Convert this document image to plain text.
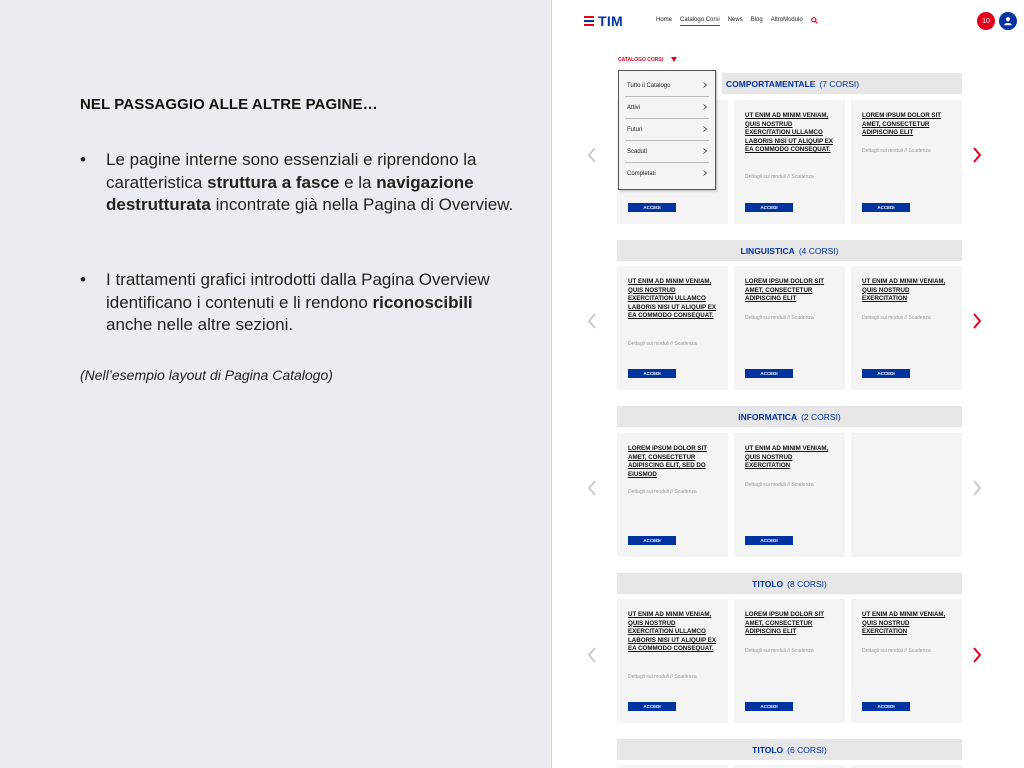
NEL PASSAGGIO ALLE ALTRE PAGINE…
•	Le pagine interne sono essenziali e riprendono la caratteristica struttura a fasce e la navigazione destrutturata incontrate già nella Pagina di Overview.
•	I trattamenti grafici introdotti dalla Pagina Overview identificano i contenuti e li rendono riconoscibili anche nelle altre sezioni.
(Nell’esempio layout di Pagina Catalogo)
TIM	Home Catalogo Corsi News Blog AltroModulo	10
CATALOGO CORSI
COMPORTAMENTALE (7 CORSI)
UT ENIM AD MINIM VENIAM, QUIS NOSTRUD EXERCITATION ULLAMCO LABORIS NISI UT ALIQUIP EX EA COMMODO CONSEQUAT.
Dettagli sui moduli // Scadenza
ACCEDI
LOREM IPSUM DOLOR SIT AMET, CONSECTETUR ADIPISCING ELIT
Dettagli sui moduli // Scadenza
ACCEDI
ACCEDI
LINGUISTICA (4 CORSI)
UT ENIM AD MINIM VENIAM, QUIS NOSTRUD EXERCITATION ULLAMCO LABORIS NISI UT ALIQUIP EX EA COMMODO CONSEQUAT.
Dettagli sui moduli // Scadenza
ACCEDI
LOREM IPSUM DOLOR SIT AMET, CONSECTETUR ADIPISCING ELIT
Dettagli sui moduli // Scadenza
ACCEDI
UT ENIM AD MINIM VENIAM, QUIS NOSTRUD EXERCITATION
Dettagli sui moduli // Scadenza
ACCEDI
INFORMATICA (2 CORSI)
LOREM IPSUM DOLOR SIT AMET, CONSECTETUR ADIPISCING ELIT, SED DO EIUSMOD
Dettagli sui moduli // Scadenza
ACCEDI
UT ENIM AD MINIM VENIAM, QUIS NOSTRUD EXERCITATION
Dettagli sui moduli // Scadenza
ACCEDI
TITOLO (8 CORSI)
UT ENIM AD MINIM VENIAM, QUIS NOSTRUD EXERCITATION ULLAMCO LABORIS NISI UT ALIQUIP EX EA COMMODO CONSEQUAT.
Dettagli sui moduli // Scadenza
ACCEDI
LOREM IPSUM DOLOR SIT AMET, CONSECTETUR ADIPISCING ELIT
Dettagli sui moduli // Scadenza
ACCEDI
UT ENIM AD MINIM VENIAM, QUIS NOSTRUD EXERCITATION
Dettagli sui moduli // Scadenza
ACCEDI
TITOLO (6 CORSI)
Tutto il Catalogo
Attivi
Futuri
Scaduti
Completati
